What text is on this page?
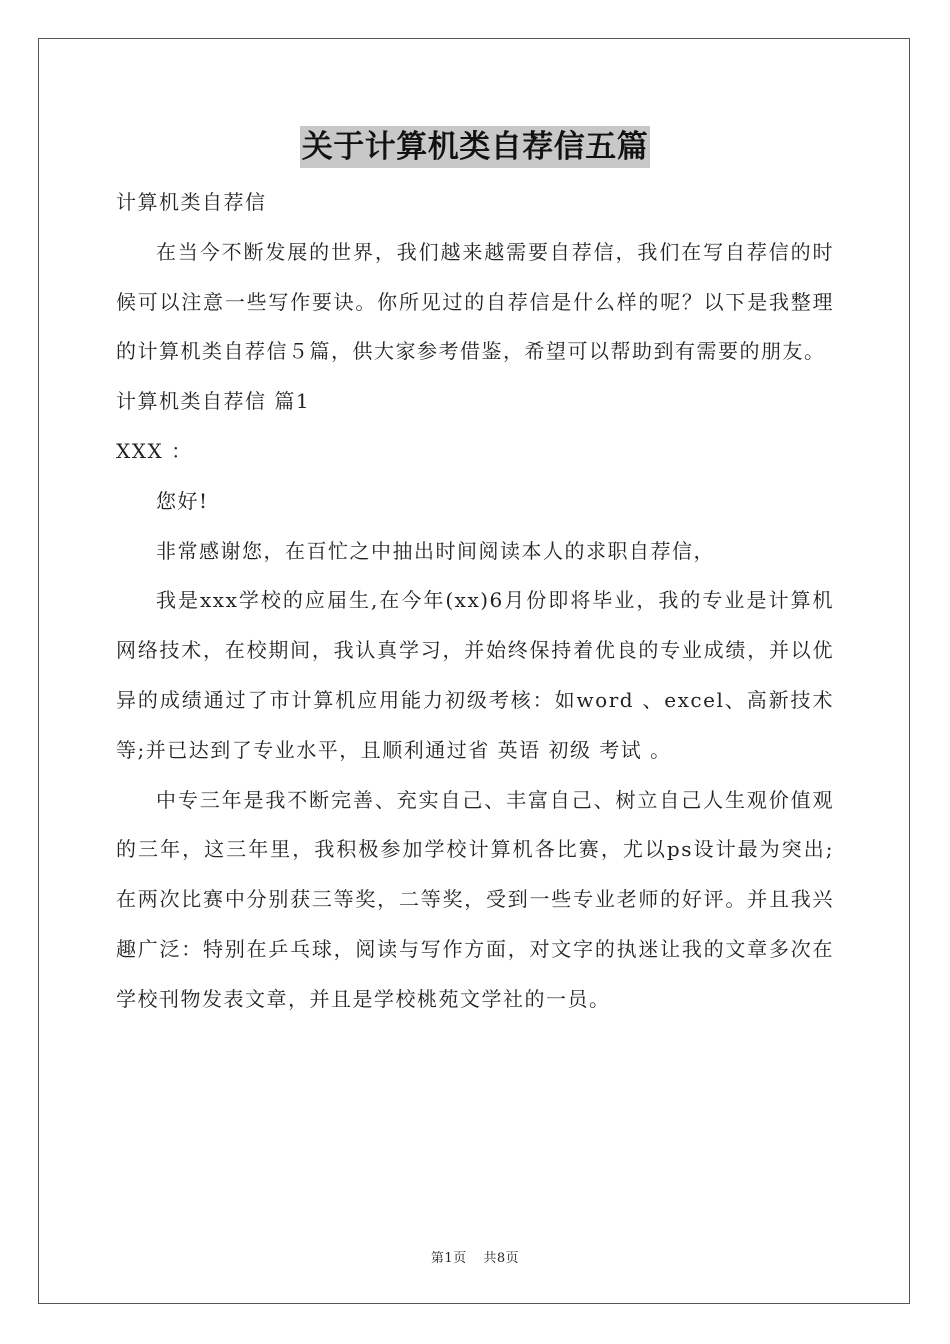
关于计算机类自荐信五篇

计算机类自荐信

在当今不断发展的世界，我们越来越需要自荐信，我们在写自荐信的时候可以注意一些写作要诀。你所见过的自荐信是什么样的呢？以下是我整理的计算机类自荐信５篇，供大家参考借鉴，希望可以帮助到有需要的朋友。

计算机类自荐信 篇1

XXX ：

您好!

非常感谢您，在百忙之中抽出时间阅读本人的求职自荐信，

我是xxx学校的应届生,在今年(xx)6月份即将毕业，我的专业是计算机网络技术，在校期间，我认真学习，并始终保持着优良的专业成绩，并以优异的成绩通过了市计算机应用能力初级考核：如word 、excel、高新技术等;并已达到了专业水平，且顺利通过省 英语 初级 考试 。

中专三年是我不断完善、充实自己、丰富自己、树立自己人生观价值观的三年，这三年里，我积极参加学校计算机各比赛，尤以ps设计最为突出;在两次比赛中分别获三等奖，二等奖，受到一些专业老师的好评。并且我兴趣广泛：特别在乒乓球，阅读与写作方面，对文字的执迷让我的文章多次在学校刊物发表文章，并且是学校桃苑文学社的一员。

第1页 共8页
